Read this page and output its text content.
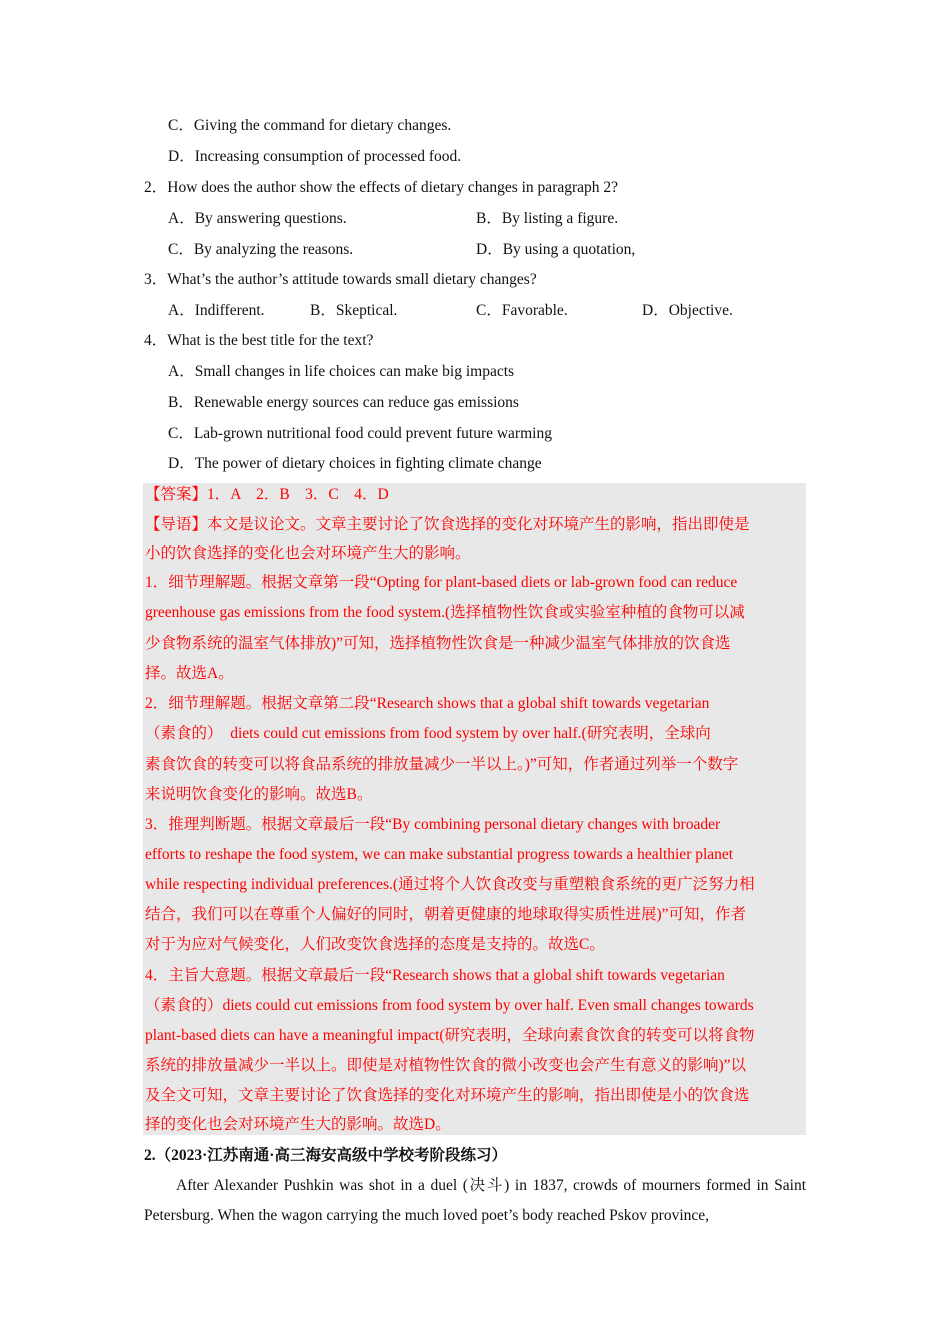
C．Giving the command for dietary changes.
D．Increasing consumption of processed food.
2．How does the author show the effects of dietary changes in paragraph 2?
A．By answering questions.	B．By listing a figure.
C．By analyzing the reasons.	D．By using a quotation,
3．What’s the author’s attitude towards small dietary changes?
A．Indifferent.	B．Skeptical.	C．Favorable.	D．Objective.
4．What is the best title for the text?
A．Small changes in life choices can make big impacts
B．Renewable energy sources can reduce gas emissions
C．Lab-grown nutritional food could prevent future warming
D．The power of dietary choices in fighting climate change
【答案】1．A　2．B　3．C　4．D
【导语】本文是议论文。文章主要讨论了饮食选择的变化对环境产生的影响，指出即使是
小的饮食选择的变化也会对环境产生大的影响。
1．细节理解题。根据文章第一段“Opting for plant-based diets or lab-grown food can reduce
greenhouse gas emissions from the food system.(选择植物性饮食或实验室种植的食物可以减
少食物系统的温室气体排放)”可知，选择植物性饮食是一种减少温室气体排放的饮食选
择。故选A。
2．细节理解题。根据文章第二段“Research shows that a global shift towards vegetarian
（素食的）　diets could cut emissions from food system by over half.(研究表明，全球向
素食饮食的转变可以将食品系统的排放量减少一半以上。)”可知，作者通过列举一个数字
来说明饮食变化的影响。故选B。
3．推理判断题。根据文章最后一段“By combining personal dietary changes with broader
efforts to reshape the food system, we can make substantial progress towards a healthier planet
while respecting individual preferences.(通过将个人饮食改变与重塑粮食系统的更广泛努力相
结合，我们可以在尊重个人偏好的同时，朝着更健康的地球取得实质性进展)”可知，作者
对于为应对气候变化，人们改变饮食选择的态度是支持的。故选C。
4．主旨大意题。根据文章最后一段“Research shows that a global shift towards vegetarian
（素食的）diets could cut emissions from food system by over half. Even small changes towards
plant-based diets can have a meaningful impact(研究表明，全球向素食饮食的转变可以将食物
系统的排放量减少一半以上。即使是对植物性饮食的微小改变也会产生有意义的影响)”以
及全文可知，文章主要讨论了饮食选择的变化对环境产生的影响，指出即使是小的饮食选
择的变化也会对环境产生大的影响。故选D。
2.（2023·江苏南通·高三海安高级中学校考阶段练习）
After Alexander Pushkin was shot in a duel (决斗) in 1837, crowds of mourners formed in Saint Petersburg. When the wagon carrying the much loved poet’s body reached Pskov province,
